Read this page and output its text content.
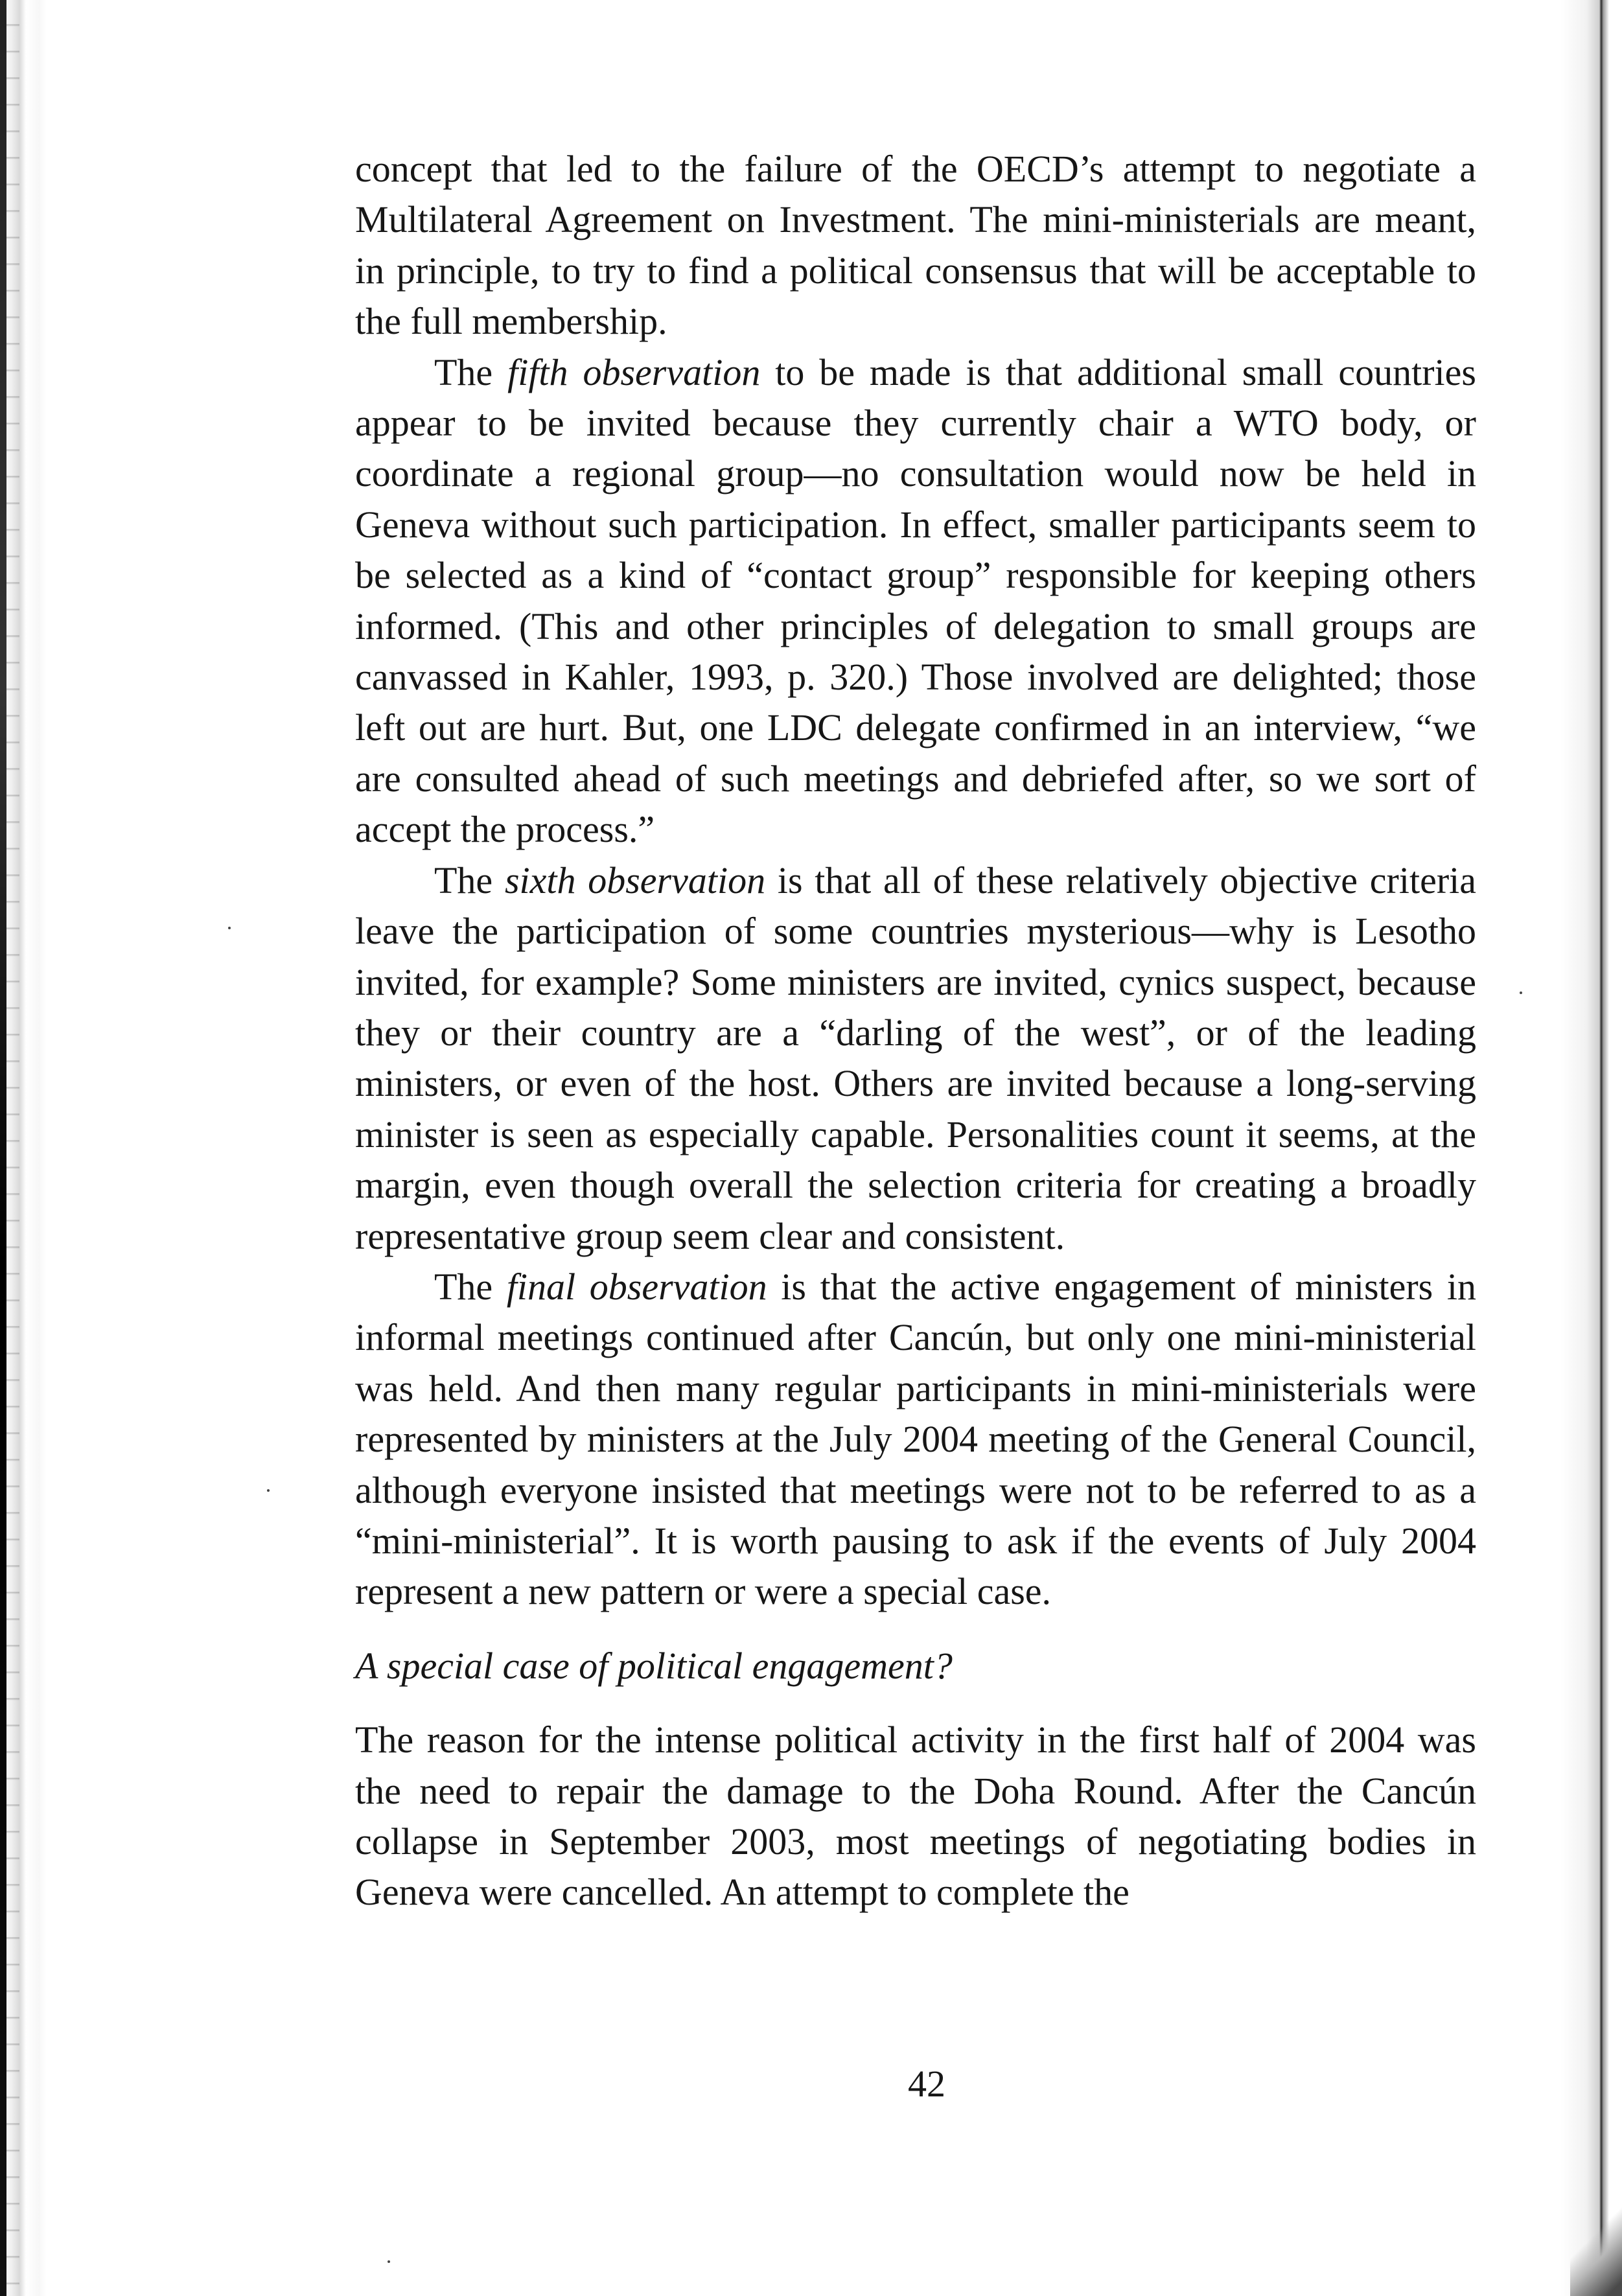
concept that led to the failure of the OECD’s attempt to negotiate a Multilateral Agreement on Investment. The mini-ministerials are meant, in principle, to try to find a political consensus that will be acceptable to the full membership.

The fifth observation to be made is that additional small countries appear to be invited because they currently chair a WTO body, or coordinate a regional group—no consultation would now be held in Geneva without such participation. In effect, smaller participants seem to be selected as a kind of “contact group” responsible for keeping others informed. (This and other principles of delegation to small groups are canvassed in Kahler, 1993, p. 320.) Those involved are delighted; those left out are hurt. But, one LDC delegate confirmed in an interview, “we are consulted ahead of such meetings and debriefed after, so we sort of accept the process.”

The sixth observation is that all of these relatively objective criteria leave the participation of some countries mysterious—why is Lesotho invited, for example? Some ministers are invited, cynics suspect, because they or their country are a “darling of the west”, or of the leading ministers, or even of the host. Others are invited because a long-serving minister is seen as especially capable. Personalities count it seems, at the margin, even though overall the selection criteria for creating a broadly representative group seem clear and consistent.

The final observation is that the active engagement of ministers in informal meetings continued after Cancún, but only one mini-ministerial was held. And then many regular participants in mini-ministerials were represented by ministers at the July 2004 meeting of the General Council, although everyone insisted that meetings were not to be referred to as a “mini-ministerial”. It is worth pausing to ask if the events of July 2004 represent a new pattern or were a special case.

A special case of political engagement?

The reason for the intense political activity in the first half of 2004 was the need to repair the damage to the Doha Round. After the Cancún collapse in September 2003, most meetings of negotiating bodies in Geneva were cancelled. An attempt to complete the

42
